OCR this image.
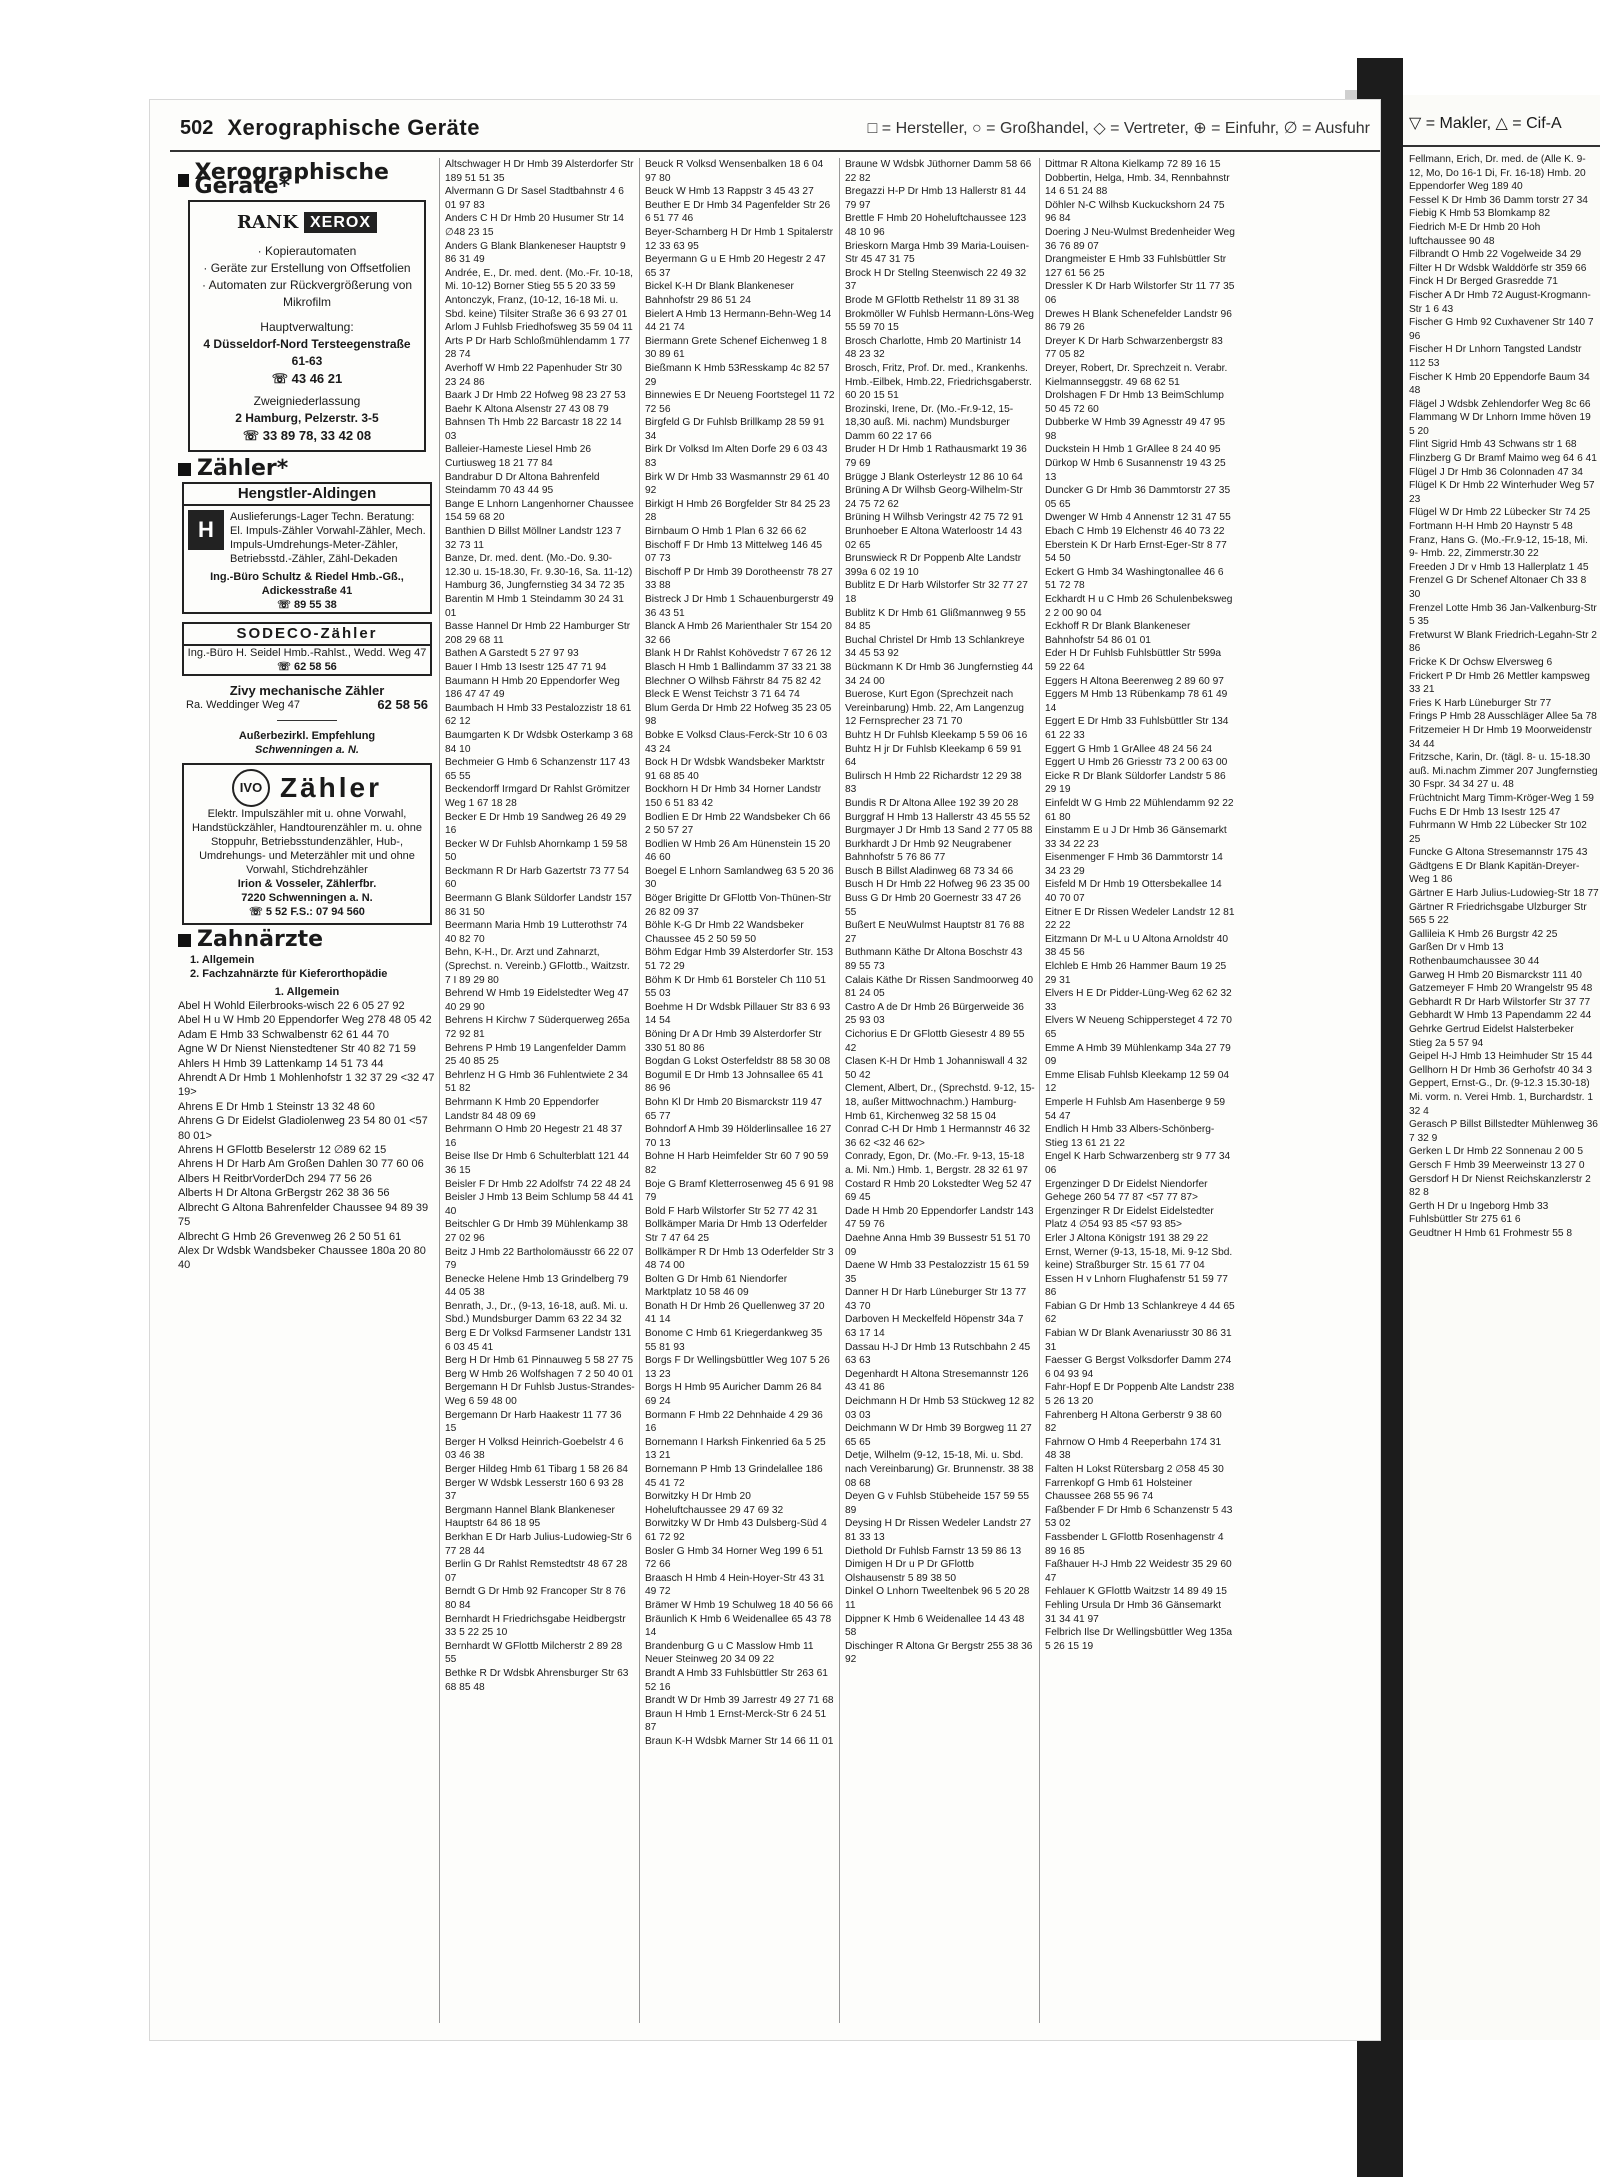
502 Xerographische Geräte	□ = Hersteller, ○ = Großhandel, ◇ = Vertreter, ⊕ = Einfuhr, ∅ = Ausfuhr
Xerographische Geräte*
RANK XEROX

· Kopierautomaten
· Geräte zur Erstellung von Offsetfolien
· Automaten zur Rückvergrößerung von Mikrofilm

Hauptverwaltung:
4 Düsseldorf-Nord Tersteegenstraße 61-63
☏ 43 46 21
Zweigniederlassung
2 Hamburg, Pelzerstr. 3-5
☏ 33 89 78, 33 42 08
Zähler*
Hengstler-Aldingen
H	Auslieferungs-Lager Techn. Beratung: El. Impuls-Zähler Vorwahl-Zähler, Mech. Impuls-Umdrehungs-Meter-Zähler, Betriebsstd.-Zähler, Zähl-Dekaden
Ing.-Büro Schultz & Riedel Hmb.-Gß., Adickesstraße 41
☏ 89 55 38
SODECO-Zähler
Ing.-Büro H. Seidel Hmb.-Rahlst., Wedd. Weg 47
☏ 62 58 56
Zivy mechanische Zähler
Ra. Weddinger Weg 47	62 58 56
Außerbezirkl. Empfehlung
Schwenningen a. N.
IVO Zähler
Elektr. Impulszähler mit u. ohne Vorwahl, Handstückzähler, Handtourenzähler m. u. ohne Stoppuhr, Betriebsstundenzähler, Hub-, Umdrehungs- und Meterzähler mit und ohne Vorwahl, Stichdrehzähler
Irion & Vosseler, Zählerfbr.
7220 Schwenningen a. N.
☏ 5 52 F.S.: 07 94 560
Zahnärzte

1. Allgemein
2. Fachzahnärzte für Kieferorthopädie

1. Allgemein

Abel H Wohld Eilerbrooks-wisch 22 6 05 27 92
Abel H u W Hmb 20 Eppendorfer Weg 278 48 05 42
Adam E Hmb 33 Schwalbenstr 62 61 44 70
Agne W Dr Nienst Nienstedtener Str 40 82 71 59
Ahlers H Hmb 39 Lattenkamp 14 51 73 44
Ahrendt A Dr Hmb 1 Mohlenhofstr 1 32 37 29 <32 47 19>
Ahrens E Dr Hmb 1 Steinstr 13 32 48 60
Ahrens G Dr Eidelst Gladiolenweg 23 54 80 01 <57 80 01>
Ahrens H GFlottb Beselerstr 12 ∅89 62 15
Ahrens H Dr Harb Am Großen Dahlen 30 77 60 06
Albers H ReitbrVorderDch 294 77 56 26
Alberts H Dr Altona GrBergstr 262 38 36 56
Albrecht G Altona Bahrenfelder Chaussee 94 89 39 75
Albrecht G Hmb 26 Grevenweg 26 2 50 51 61
Alex Dr Wdsbk Wandsbeker Chaussee 180a 20 80 40

Altschwager H Dr Hmb 39 Alsterdorfer Str 189 51 51 35
Alvermann G Dr Sasel Stadtbahnstr 4 6 01 97 83
Anders C H Dr Hmb 20 Husumer Str 14 ∅48 23 15
Anders G Blank Blankeneser Hauptstr 9 86 31 49
Andrée, E., Dr. med. dent. (Mo.-Fr. 10-18, Mi. 10-12) Borner Stieg 55 5 20 33 59
Antonczyk, Franz, (10-12, 16-18 Mi. u. Sbd. keine) Tilsiter Straße 36 6 93 27 01
Arlom J Fuhlsb Friedhofsweg 35 59 04 11
Arts P Dr Harb Schloßmühlendamm 1 77 28 74
Averhoff W Hmb 22 Papenhuder Str 30 23 24 86
Baark J Dr Hmb 22 Hofweg 98 23 27 53
Baehr K Altona Alsenstr 27 43 08 79
Bahnsen Th Hmb 22 Barcastr 18 22 14 03
Balleier-Hameste Liesel Hmb 26 Curtiusweg 18 21 77 84
Bandrabur D Dr Altona Bahrenfeld Steindamm 70 43 44 95
Bange E Lnhorn Langenhorner Chaussee 154 59 68 20
Banthien D Billst Möllner Landstr 123 7 32 73 11
Banze, Dr. med. dent. (Mo.-Do. 9.30-12.30 u. 15-18.30, Fr. 9.30-16, Sa. 11-12) Hamburg 36, Jungfernstieg 34 34 72 35
Barentin M Hmb 1 Steindamm 30 24 31 01
Basse Hannel Dr Hmb 22 Hamburger Str 208 29 68 11
Bathen A Garstedt 5 27 97 93
Bauer I Hmb 13 Isestr 125 47 71 94
Baumann H Hmb 20 Eppendorfer Weg 186 47 47 49
Baumbach H Hmb 33 Pestalozzistr 18 61 62 12
Baumgarten K Dr Wdsbk Osterkamp 3 68 84 10
Bechmeier G Hmb 6 Schanzenstr 117 43 65 55
Beckendorff Irmgard Dr Rahlst Grömitzer Weg 1 67 18 28
Becker E Dr Hmb 19 Sandweg 26 49 29 16
Becker W Dr Fuhlsb Ahornkamp 1 59 58 50
Beckmann R Dr Harb Gazertstr 73 77 54 60
Beermann G Blank Süldorfer Landstr 157 86 31 50
Beermann Maria Hmb 19 Lutterothstr 74 40 82 70
Behn, K-H., Dr. Arzt und Zahnarzt, (Sprechst. n. Vereinb.) GFlottb., Waitzstr. 7 I 89 29 80
Behrend W Hmb 19 Eidelstedter Weg 47 40 29 90
Behrens H Kirchw 7 Süderquerweg 265a 72 92 81
Behrens P Hmb 19 Langenfelder Damm 25 40 85 25
Behrlenz H G Hmb 36 Fuhlentwiete 2 34 51 82
Behrmann K Hmb 20 Eppendorfer Landstr 84 48 09 69
Behrmann O Hmb 20 Hegestr 21 48 37 16
Beise Ilse Dr Hmb 6 Schulterblatt 121 44 36 15
Beisler F Dr Hmb 22 Adolfstr 74 22 48 24
Beisler J Hmb 13 Beim Schlump 58 44 41 40
Beitschler G Dr Hmb 39 Mühlenkamp 38 27 02 96
Beitz J Hmb 22 Bartholomäusstr 66 22 07 79
Benecke Helene Hmb 13 Grindelberg 79 44 05 38
Benrath, J., Dr., (9-13, 16-18, auß. Mi. u. Sbd.) Mundsburger Damm 63 22 34 32
Berg E Dr Volksd Farmsener Landstr 131 6 03 45 41
Berg H Dr Hmb 61 Pinnauweg 5 58 27 75
Berg W Hmb 26 Wolfshagen 7 2 50 40 01
Bergemann H Dr Fuhlsb Justus-Strandes-Weg 6 59 48 00
Bergemann Dr Harb Haakestr 11 77 36 15
Berger H Volksd Heinrich-Goebelstr 4 6 03 46 38
Berger Hildeg Hmb 61 Tibarg 1 58 26 84
Berger W Wdsbk Lesserstr 160 6 93 28 37
Bergmann Hannel Blank Blankeneser Hauptstr 64 86 18 95
Berkhan E Dr Harb Julius-Ludowieg-Str 6 77 28 44
Berlin G Dr Rahlst Remstedtstr 48 67 28 07
Berndt G Dr Hmb 92 Francoper Str 8 76 80 84
Bernhardt H Friedrichsgabe Heidbergstr 33 5 22 25 10
Bernhardt W GFlottb Milcherstr 2 89 28 55
Bethke R Dr Wdsbk Ahrensburger Str 63 68 85 48

Beuck R Volksd Wensenbalken 18 6 04 97 80
Beuck W Hmb 13 Rappstr 3 45 43 27
Beuther E Dr Hmb 34 Pagenfelder Str 26 6 51 77 46
Beyer-Scharnberg H Dr Hmb 1 Spitalerstr 12 33 63 95
Beyermann G u E Hmb 20 Hegestr 2 47 65 37
Bickel K-H Dr Blank Blankeneser Bahnhofstr 29 86 51 24
Bielert A Hmb 13 Hermann-Behn-Weg 14 44 21 74
Biermann Grete Schenef Eichenweg 1 8 30 89 61
Bießmann K Hmb 53Resskamp 4c 82 57 29
Binnewies E Dr Neueng Foortstegel 11 72 72 56
Birgfeld G Dr Fuhlsb Brillkamp 28 59 91 34
Birk Dr Volksd Im Alten Dorfe 29 6 03 43 83
Birk W Dr Hmb 33 Wasmannstr 29 61 40 92
Birkigt H Hmb 26 Borgfelder Str 84 25 23 28
Birnbaum O Hmb 1 Plan 6 32 66 62
Bischoff F Dr Hmb 13 Mittelweg 146 45 07 73
Bischoff P Dr Hmb 39 Dorotheenstr 78 27 33 88
Bistreck J Dr Hmb 1 Schauenburgerstr 49 36 43 51
Blanck A Hmb 26 Marienthaler Str 154 20 32 66
Blank H Dr Rahlst Kohövedstr 7 67 26 12
Blasch H Hmb 1 Ballindamm 37 33 21 38
Blechner O Wilhsb Fährstr 84 75 82 42
Bleck E Wenst Teichstr 3 71 64 74
Blum Gerda Dr Hmb 22 Hofweg 35 23 05 98
Bobke E Volksd Claus-Ferck-Str 10 6 03 43 24
Bock H Dr Wdsbk Wandsbeker Marktstr 91 68 85 40
Bockhorn H Dr Hmb 34 Horner Landstr 150 6 51 83 42
Bodlien E Dr Hmb 22 Wandsbeker Ch 66 2 50 57 27
Bodlien W Hmb 26 Am Hünenstein 15 20 46 60
Boegel E Lnhorn Samlandweg 63 5 20 36 30
Böger Brigitte Dr GFlottb Von-Thünen-Str 26 82 09 37
Böhle K-G Dr Hmb 22 Wandsbeker Chaussee 45 2 50 59 50
Böhm Edgar Hmb 39 Alsterdorfer Str. 153 51 72 29
Böhm K Dr Hmb 61 Borsteler Ch 110 51 55 03
Boehme H Dr Wdsbk Pillauer Str 83 6 93 14 54
Böning Dr A Dr Hmb 39 Alsterdorfer Str 330 51 80 86
Bogdan G Lokst Osterfeldstr 88 58 30 08
Bogumil E Dr Hmb 13 Johnsallee 65 41 86 96
Bohn Kl Dr Hmb 20 Bismarckstr 119 47 65 77
Bohndorf A Hmb 39 Hölderlinsallee 16 27 70 13
Bohne H Harb Heimfelder Str 60 7 90 59 82
Boje G Bramf Kletterrosenweg 45 6 91 98 79
Bold F Harb Wilstorfer Str 52 77 42 31
Bollkämper Maria Dr Hmb 13 Oderfelder Str 7 47 64 25
Bollkämper R Dr Hmb 13 Oderfelder Str 3 48 74 00
Bolten G Dr Hmb 61 Niendorfer Marktplatz 10 58 46 09
Bonath H Dr Hmb 26 Quellenweg 37 20 41 14
Bonome C Hmb 61 Kriegerdankweg 35 55 81 93
Borgs F Dr Wellingsbüttler Weg 107 5 26 13 23
Borgs H Hmb 95 Auricher Damm 26 84 69 24
Bormann F Hmb 22 Dehnhaide 4 29 36 16
Bornemann I Harksh Finkenried 6a 5 25 13 21
Bornemann P Hmb 13 Grindelallee 186 45 41 72
Borwitzky H Dr Hmb 20 Hoheluftchaussee 29 47 69 32
Borwitzky W Dr Hmb 43 Dulsberg-Süd 4 61 72 92
Bosler G Hmb 34 Horner Weg 199 6 51 72 66
Braasch H Hmb 4 Hein-Hoyer-Str 43 31 49 72
Brämer W Hmb 19 Schulweg 18 40 56 66
Bräunlich K Hmb 6 Weidenallee 65 43 78 14
Brandenburg G u C Masslow Hmb 11 Neuer Steinweg 20 34 09 22
Brandt A Hmb 33 Fuhlsbüttler Str 263 61 52 16
Brandt W Dr Hmb 39 Jarrestr 49 27 71 68
Braun H Hmb 1 Ernst-Merck-Str 6 24 51 87
Braun K-H Wdsbk Marner Str 14 66 11 01

Braune W Wdsbk Jüthorner Damm 58 66 22 82
Bregazzi H-P Dr Hmb 13 Hallerstr 81 44 79 97
Brettle F Hmb 20 Hoheluftchaussee 123 48 10 96
Brieskorn Marga Hmb 39 Maria-Louisen-Str 45 47 31 75
Brock H Dr Stellng Steenwisch 22 49 32 37
Brode M GFlottb Rethelstr 11 89 31 38
Brokmöller W Fuhlsb Hermann-Löns-Weg 55 59 70 15
Brosch Charlotte, Hmb 20 Martinistr 14 48 23 32
Brosch, Fritz, Prof. Dr. med., Krankenhs. Hmb.-Eilbek, Hmb.22, Friedrichsgaberstr. 60 20 15 51
Brozinski, Irene, Dr. (Mo.-Fr.9-12, 15-18,30 auß. Mi. nachm) Mundsburger Damm 60 22 17 66
Bruder H Dr Hmb 1 Rathausmarkt 19 36 79 69
Brügge J Blank Osterleystr 12 86 10 64
Brüning A Dr Wilhsb Georg-Wilhelm-Str 24 75 72 62
Brüning H Wilhsb Veringstr 42 75 72 91
Brunhoeber E Altona Waterloostr 14 43 02 65
Brunswieck R Dr Poppenb Alte Landstr 399a 6 02 19 10
Bublitz E Dr Harb Wilstorfer Str 32 77 27 18
Bublitz K Dr Hmb 61 Glißmannweg 9 55 84 85
Buchal Christel Dr Hmb 13 Schlankreye 34 45 53 92
Bückmann K Dr Hmb 36 Jungfernstieg 44 34 24 00
Buerose, Kurt Egon (Sprechzeit nach Vereinbarung) Hmb. 22, Am Langenzug 12 Fernsprecher 23 71 70
Buhtz H Dr Fuhlsb Kleekamp 5 59 06 16
Buhtz H jr Dr Fuhlsb Kleekamp 6 59 91 64
Bulirsch H Hmb 22 Richardstr 12 29 38 83
Bundis R Dr Altona Allee 192 39 20 28
Burggraf H Hmb 13 Hallerstr 43 45 55 52
Burgmayer J Dr Hmb 13 Sand 2 77 05 88
Burkhardt J Dr Hmb 92 Neugrabener Bahnhofstr 5 76 86 77
Busch B Billst Aladinweg 68 73 34 66
Busch H Dr Hmb 22 Hofweg 96 23 35 00
Buss G Dr Hmb 20 Goernestr 33 47 26 55
Bußert E NeuWulmst Hauptstr 81 76 88 27
Buthmann Käthe Dr Altona Boschstr 43 89 55 73
Calais Käthe Dr Rissen Sandmoorweg 40 81 24 05
Castro A de Dr Hmb 26 Bürgerweide 36 25 93 03
Cichorius E Dr GFlottb Giesestr 4 89 55 42
Clasen K-H Dr Hmb 1 Johanniswall 4 32 50 42
Clement, Albert, Dr., (Sprechstd. 9-12, 15-18, außer Mittwochnachm.) Hamburg-Hmb 61, Kirchenweg 32 58 15 04
Conrad C-H Dr Hmb 1 Hermannstr 46 32 36 62 <32 46 62>
Conrady, Egon, Dr. (Mo.-Fr. 9-13, 15-18 a. Mi. Nm.) Hmb. 1, Bergstr. 28 32 61 97
Costard R Hmb 20 Lokstedter Weg 52 47 69 45
Dade H Hmb 20 Eppendorfer Landstr 143 47 59 76
Daehne Anna Hmb 39 Bussestr 51 51 70 09
Daene W Hmb 33 Pestalozzistr 15 61 59 35
Danner H Dr Harb Lüneburger Str 13 77 43 70
Darboven H Meckelfeld Höpenstr 34a 7 63 17 14
Dassau H-J Dr Hmb 13 Rutschbahn 2 45 63 63
Degenhardt H Altona Stresemannstr 126 43 41 86
Deichmann H Dr Hmb 53 Stückweg 12 82 03 03
Deichmann W Dr Hmb 39 Borgweg 11 27 65 65
Detje, Wilhelm (9-12, 15-18, Mi. u. Sbd. nach Vereinbarung) Gr. Brunnenstr. 38 38 08 68
Deyen G v Fuhlsb Stübeheide 157 59 55 89
Deysing H Dr Rissen Wedeler Landstr 27 81 33 13
Diethold Dr Fuhlsb Farnstr 13 59 86 13
Dimigen H Dr u P Dr GFlottb Olshausenstr 5 89 38 50
Dinkel O Lnhorn Tweeltenbek 96 5 20 28 11
Dippner K Hmb 6 Weidenallee 14 43 48 58
Dischinger R Altona Gr Bergstr 255 38 36 92

Dittmar R Altona Kielkamp 72 89 16 15
Dobbertin, Helga, Hmb. 34, Rennbahnstr 14 6 51 24 88
Döhler N-C Wilhsb Kuckuckshorn 24 75 96 84
Doering J Neu-Wulmst Bredenheider Weg 36 76 89 07
Drangmeister E Hmb 33 Fuhlsbüttler Str 127 61 56 25
Dressler K Dr Harb Wilstorfer Str 11 77 35 06
Drewes H Blank Schenefelder Landstr 96 86 79 26
Dreyer K Dr Harb Schwarzenbergstr 83 77 05 82
Dreyer, Robert, Dr. Sprechzeit n. Verabr. Kielmannseggstr. 49 68 62 51
Drolshagen F Dr Hmb 13 BeimSchlump 50 45 72 60
Dubberke W Hmb 39 Agnesstr 49 47 95 98
Duckstein H Hmb 1 GrAllee 8 24 40 95
Dürkop W Hmb 6 Susannenstr 19 43 25 13
Duncker G Dr Hmb 36 Dammtorstr 27 35 05 65
Dwenger W Hmb 4 Annenstr 12 31 47 55
Ebach C Hmb 19 Elchenstr 46 40 73 22
Eberstein K Dr Harb Ernst-Eger-Str 8 77 54 50
Eckert G Hmb 34 Washingtonallee 46 6 51 72 78
Eckhardt H u C Hmb 26 Schulenbeksweg 2 2 00 90 04
Eckhoff R Dr Blank Blankeneser Bahnhofstr 54 86 01 01
Eder H Dr Fuhlsb Fuhlsbüttler Str 599a 59 22 64
Eggers H Altona Beerenweg 2 89 60 97
Eggers M Hmb 13 Rübenkamp 78 61 49 14
Eggert E Dr Hmb 33 Fuhlsbüttler Str 134 61 22 33
Eggert G Hmb 1 GrAllee 48 24 56 24
Eggert U Hmb 26 Griesstr 73 2 00 63 00
Eicke R Dr Blank Süldorfer Landstr 5 86 29 19
Einfeldt W G Hmb 22 Mühlendamm 92 22 61 80
Einstamm E u J Dr Hmb 36 Gänsemarkt 33 34 22 23
Eisenmenger F Hmb 36 Dammtorstr 14 34 23 29
Eisfeld M Dr Hmb 19 Ottersbekallee 14 40 70 07
Eitner E Dr Rissen Wedeler Landstr 12 81 22 22
Eitzmann Dr M-L u U Altona Arnoldstr 40 38 45 56
Elchleb E Hmb 26 Hammer Baum 19 25 29 31
Elvers H E Dr Pidder-Lüng-Weg 62 62 32 33
Elvers W Neueng Schippersteget 4 72 70 65
Emme A Hmb 39 Mühlenkamp 34a 27 79 09
Emme Elisab Fuhlsb Kleekamp 12 59 04 12
Emperle H Fuhlsb Am Hasenberge 9 59 54 47
Endlich H Hmb 33 Albers-Schönberg-Stieg 13 61 21 22
Engel K Harb Schwarzenberg str 9 77 34 06
Ergenzinger D Dr Eidelst Niendorfer Gehege 260 54 77 87 <57 77 87>
Ergenzinger R Dr Eidelst Eidelstedter Platz 4 ∅54 93 85 <57 93 85>
Erler J Altona Königstr 191 38 29 22
Ernst, Werner (9-13, 15-18, Mi. 9-12 Sbd. keine) Straßburger Str. 15 61 77 04
Essen H v Lnhorn Flughafenstr 51 59 77 86
Fabian G Dr Hmb 13 Schlankreye 4 44 65 62
Fabian W Dr Blank Avenariusstr 30 86 31 31
Faesser G Bergst Volksdorfer Damm 274 6 04 93 94
Fahr-Hopf E Dr Poppenb Alte Landstr 238 5 26 13 20
Fahrenberg H Altona Gerberstr 9 38 60 82
Fahrnow O Hmb 4 Reeperbahn 174 31 48 38
Falten H Lokst Rütersbarg 2 ∅58 45 30
Farrenkopf G Hmb 61 Holsteiner Chaussee 268 55 96 74
Faßbender F Dr Hmb 6 Schanzenstr 5 43 53 02
Fassbender L GFlottb Rosenhagenstr 4 89 16 85
Faßhauer H-J Hmb 22 Weidestr 35 29 60 47
Fehlauer K GFlottb Waitzstr 14 89 49 15
Fehling Ursula Dr Hmb 36 Gänsemarkt 31 34 41 97
Felbrich Ilse Dr Wellingsbüttler Weg 135a 5 26 15 19

▽ = Makler, △ = Cif-A

Fellmann, Erich, Dr. med. de (Alle K. 9-12, Mo, Do 16-1 Di, Fr. 16-18) Hmb. 20 Eppendorfer Weg 189 40
Fessel K Dr Hmb 36 Damm torstr 27 34
Fiebig K Hmb 53 Blomkamp 82
Fiedrich M-E Dr Hmb 20 Hoh luftchaussee 90 48
Filbrandt O Hmb 22 Vogelweide 34 29
Filter H Dr Wdsbk Walddörfe str 359 66
Finck H Dr Berged Grasredde 71
Fischer A Dr Hmb 72 August-Krogmann-Str 1 6 43
Fischer G Hmb 92 Cuxhavener Str 140 7 96
Fischer H Dr Lnhorn Tangsted Landstr 112 53
Fischer K Hmb 20 Eppendorfe Baum 34 48
Flägel J Wdsbk Zehlendorfer Weg 8c 66
Flammang W Dr Lnhorn Imme höven 19 5 20
Flint Sigrid Hmb 43 Schwans str 1 68
Flinzberg G Dr Bramf Maimo weg 64 6 41
Flügel J Dr Hmb 36 Colonnaden 47 34
Flügel K Dr Hmb 22 Winterhuder Weg 57 23
Flügel W Dr Hmb 22 Lübecker Str 74 25
Fortmann H-H Hmb 20 Haynstr 5 48
Franz, Hans G. (Mo.-Fr.9-12, 15-18, Mi. 9- Hmb. 22, Zimmerstr.30 22
Freeden J Dr v Hmb 13 Hallerplatz 1 45
Frenzel G Dr Schenef Altonaer Ch 33 8 30
Frenzel Lotte Hmb 36 Jan-Valkenburg-Str 5 35
Fretwurst W Blank Friedrich-Legahn-Str 2 86
Fricke K Dr Ochsw Elversweg 6
Frickert P Dr Hmb 26 Mettler kampsweg 33 21
Fries K Harb Lüneburger Str 77
Frings P Hmb 28 Ausschläger Allee 5a 78
Fritzemeier H Dr Hmb 19 Moorweidenstr 34 44
Fritzsche, Karin, Dr. (tägl. 8- u. 15-18.30 auß. Mi.nachm Zimmer 207 Jungfernstieg 30 Fspr. 34 34 27 u. 48
Früchtnicht Marg Timm-Kröger-Weg 1 59
Fuchs E Dr Hmb 13 Isestr 125 47
Fuhrmann W Hmb 22 Lübecker Str 102 25
Funcke G Altona Stresemannstr 175 43
Gädtgens E Dr Blank Kapitän-Dreyer-Weg 1 86
Gärtner E Harb Julius-Ludowieg-Str 18 77
Gärtner R Friedrichsgabe Ulzburger Str 565 5 22
Gallileia K Hmb 26 Burgstr 42 25
Garßen Dr v Hmb 13 Rothenbaumchaussee 30 44
Garweg H Hmb 20 Bismarckstr 111 40
Gatzemeyer F Hmb 20 Wrangelstr 95 48
Gebhardt R Dr Harb Wilstorfer Str 37 77
Gebhardt W Hmb 13 Papendamm 22 44
Gehrke Gertrud Eidelst Halsterbeker Stieg 2a 5 57 94
Geipel H-J Hmb 13 Heimhuder Str 15 44
Gellhorn H Dr Hmb 36 Gerhofstr 40 34 3
Geppert, Ernst-G., Dr. (9-12.3 15.30-18) Mi. vorm. n. Verei Hmb. 1, Burchardstr. 1 32 4
Gerasch P Billst Billstedter Mühlenweg 36 7 32 9
Gerken L Dr Hmb 22 Sonnenau 2 00 5
Gersch F Hmb 39 Meerweinstr 13 27 0
Gersdorf H Dr Nienst Reichskanzlerstr 2 82 8
Gerth H Dr u Ingeborg Hmb 33 Fuhlsbüttler Str 275 61 6
Geudtner H Hmb 61 Frohmestr 55 8
